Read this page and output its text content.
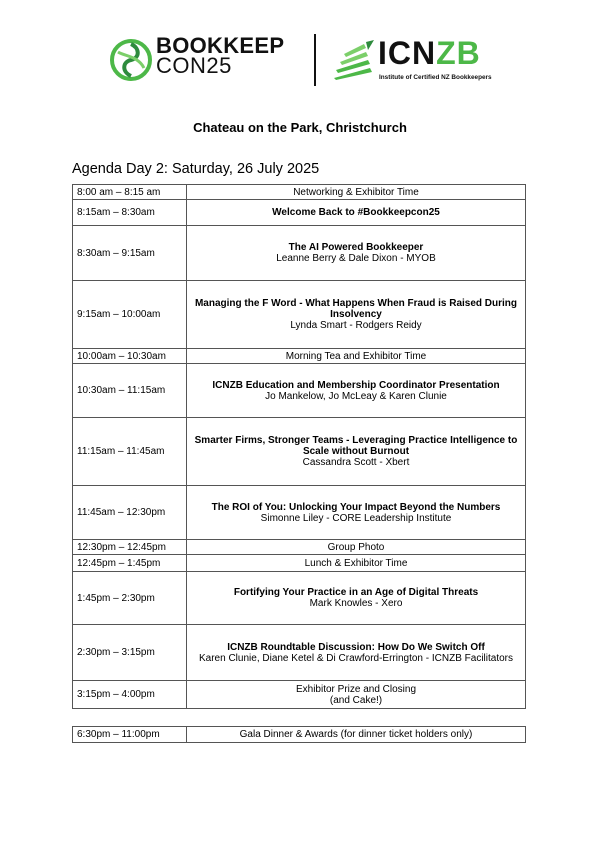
BOOKKEEP
CON25	ICNZB
Institute of Certified NZ Bookkeepers
Chateau on the Park, Christchurch
Agenda Day 2: Saturday, 26 July 2025
8:00 am – 8:15 am	Networking & Exhibitor Time

8:15am – 8:30am	Welcome Back to #Bookkeepcon25

8:30am – 9:15am	The AI Powered Bookkeeper
Leanne Berry & Dale Dixon - MYOB

9:15am – 10:00am	Managing the F Word - What Happens When Fraud is Raised During Insolvency
Lynda Smart - Rodgers Reidy

10:00am – 10:30am	Morning Tea and Exhibitor Time

10:30am – 11:15am	ICNZB Education and Membership Coordinator Presentation
Jo Mankelow, Jo McLeay & Karen Clunie

11:15am – 11:45am	Smarter Firms, Stronger Teams - Leveraging Practice Intelligence to Scale without Burnout
Cassandra Scott - Xbert

11:45am – 12:30pm	The ROI of You: Unlocking Your Impact Beyond the Numbers
Simonne Liley - CORE Leadership Institute

12:30pm – 12:45pm	Group Photo

12:45pm – 1:45pm	Lunch & Exhibitor Time

1:45pm – 2:30pm	Fortifying Your Practice in an Age of Digital Threats
Mark Knowles - Xero

2:30pm – 3:15pm	ICNZB Roundtable Discussion: How Do We Switch Off
Karen Clunie, Diane Ketel & Di Crawford-Errington - ICNZB Facilitators

3:15pm – 4:00pm	Exhibitor Prize and Closing
(and Cake!)
6:30pm – 11:00pm	Gala Dinner & Awards (for dinner ticket holders only)
